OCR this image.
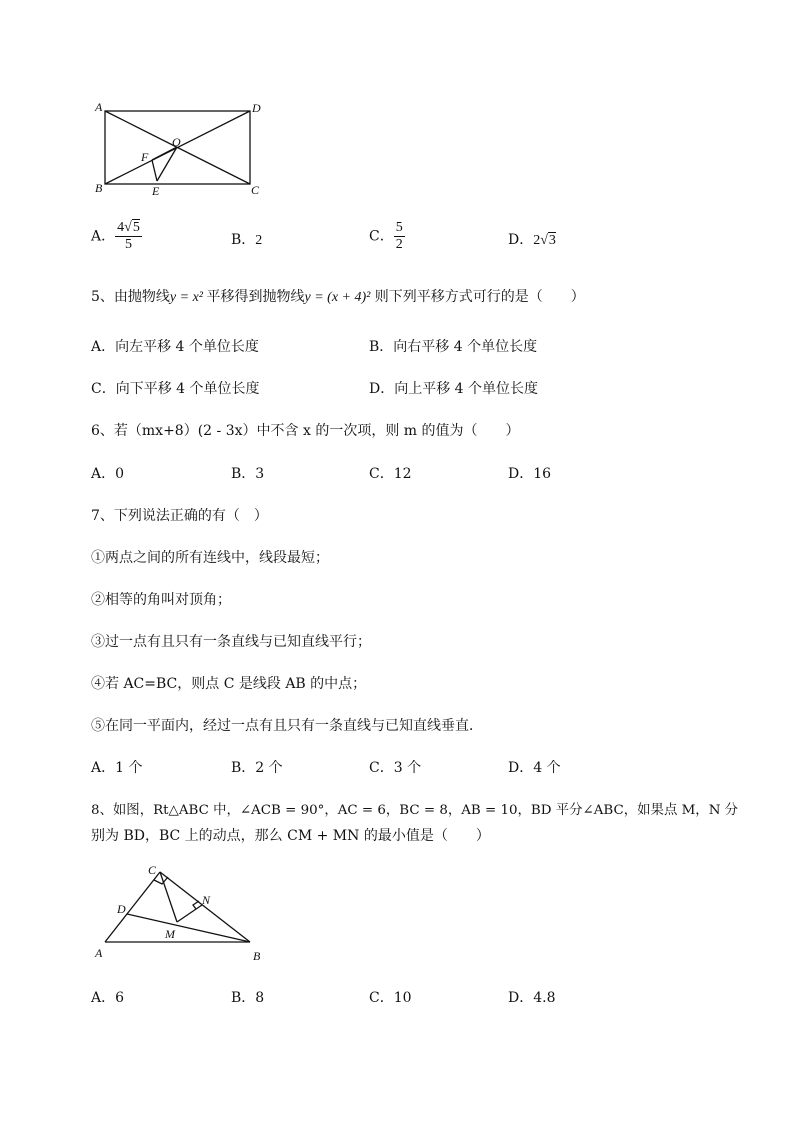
A	D
O
F
B	E	C
A． $\frac{4√5}{5}$	B．2	C． $\frac{5}{2}$	D．2√3
5、由抛物线y = x² 平移得到抛物线y = (x + 4)² 则下列平移方式可行的是（　　）
A．向左平移 4 个单位长度	B．向右平移 4 个单位长度
C．向下平移 4 个单位长度	D．向上平移 4 个单位长度
6、若（mx+8）(2 - 3x）中不含 x 的一次项，则 m 的值为（　　）
A．0	B．3	C．12	D．16
7、下列说法正确的有（　）
①两点之间的所有连线中，线段最短；
②相等的角叫对顶角；
③过一点有且只有一条直线与已知直线平行；
④若 AC=BC，则点 C 是线段 AB 的中点；
⑤在同一平面内，经过一点有且只有一条直线与已知直线垂直．
A．1 个	B．2 个	C．3 个	D．4 个
8、如图，Rt△ABC 中，∠ACB = 90°，AC = 6，BC = 8，AB = 10，BD 平分∠ABC，如果点 M，N 分
别为 BD，BC 上的动点，那么 CM + MN 的最小值是（　　）
C
D
N
M
A	B
A．6	B．8	C．10	D．4.8
